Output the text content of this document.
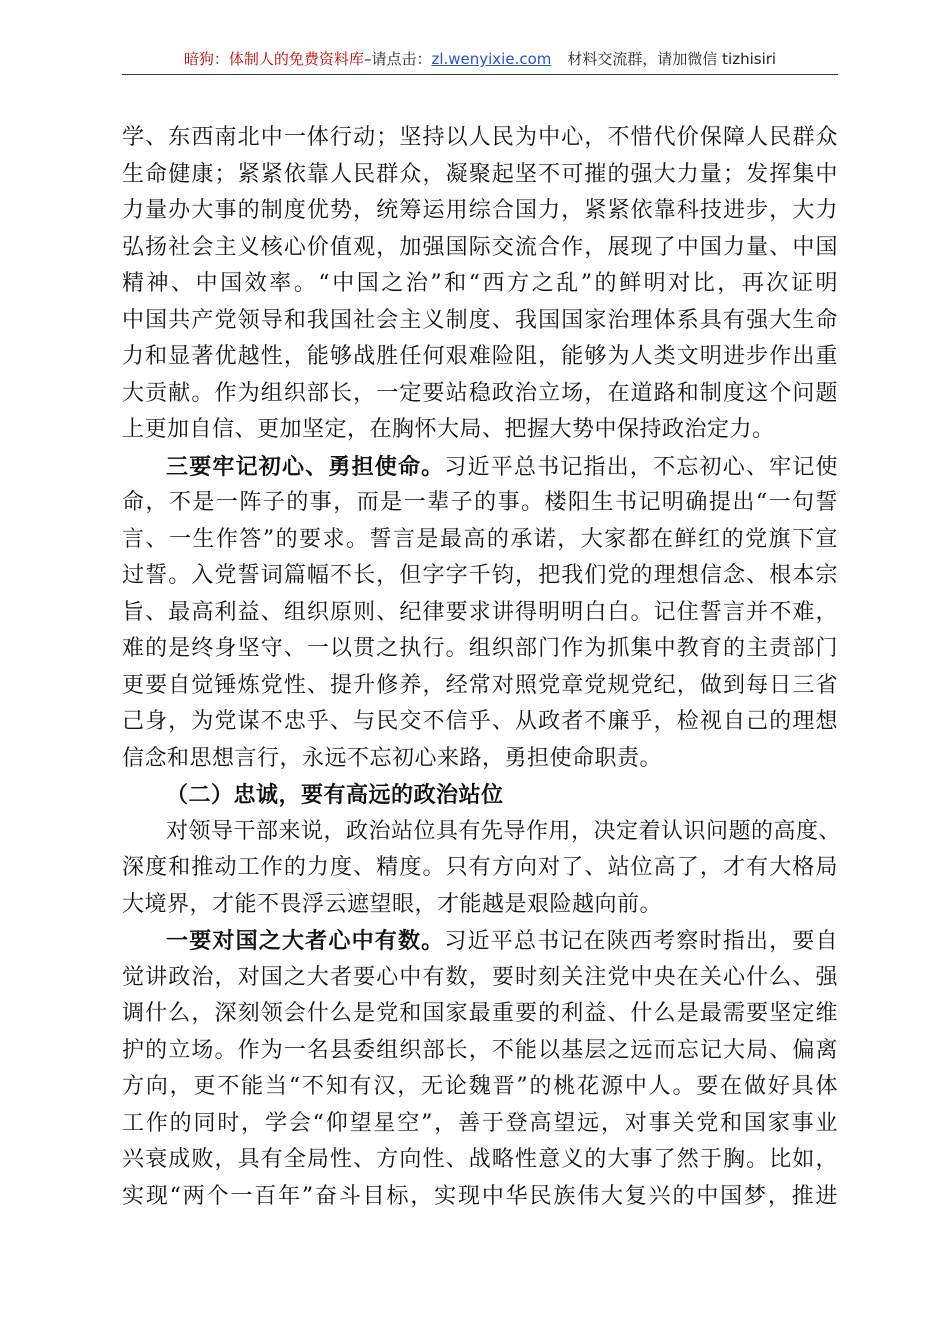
暗狗：体制人的免费资料库–请点击：zl.wenyixie.com 材料交流群，请加微信 tizhisiri
学、东西南北中一体行动；坚持以人民为中心，不惜代价保障人民群众
生命健康；紧紧依靠人民群众，凝聚起坚不可摧的强大力量；发挥集中
力量办大事的制度优势，统筹运用综合国力，紧紧依靠科技进步，大力
弘扬社会主义核心价值观，加强国际交流合作，展现了中国力量、中国
精神、中国效率。“中国之治”和“西方之乱”的鲜明对比，再次证明
中国共产党领导和我国社会主义制度、我国国家治理体系具有强大生命
力和显著优越性，能够战胜任何艰难险阻，能够为人类文明进步作出重
大贡献。作为组织部长，一定要站稳政治立场，在道路和制度这个问题
上更加自信、更加坚定，在胸怀大局、把握大势中保持政治定力。
三要牢记初心、勇担使命。习近平总书记指出，不忘初心、牢记使
命，不是一阵子的事，而是一辈子的事。楼阳生书记明确提出“一句誓
言、一生作答”的要求。誓言是最高的承诺，大家都在鲜红的党旗下宣
过誓。入党誓词篇幅不长，但字字千钧，把我们党的理想信念、根本宗
旨、最高利益、组织原则、纪律要求讲得明明白白。记住誓言并不难，
难的是终身坚守、一以贯之执行。组织部门作为抓集中教育的主责部门
更要自觉锤炼党性、提升修养，经常对照党章党规党纪，做到每日三省
己身，为党谋不忠乎、与民交不信乎、从政者不廉乎，检视自己的理想
信念和思想言行，永远不忘初心来路，勇担使命职责。
（二）忠诚，要有高远的政治站位
对领导干部来说，政治站位具有先导作用，决定着认识问题的高度、
深度和推动工作的力度、精度。只有方向对了、站位高了，才有大格局
大境界，才能不畏浮云遮望眼，才能越是艰险越向前。
一要对国之大者心中有数。习近平总书记在陕西考察时指出，要自
觉讲政治，对国之大者要心中有数，要时刻关注党中央在关心什么、强
调什么，深刻领会什么是党和国家最重要的利益、什么是最需要坚定维
护的立场。作为一名县委组织部长，不能以基层之远而忘记大局、偏离
方向，更不能当“不知有汉，无论魏晋”的桃花源中人。要在做好具体
工作的同时，学会“仰望星空”，善于登高望远，对事关党和国家事业
兴衰成败，具有全局性、方向性、战略性意义的大事了然于胸。比如，
实现“两个一百年”奋斗目标，实现中华民族伟大复兴的中国梦，推进
